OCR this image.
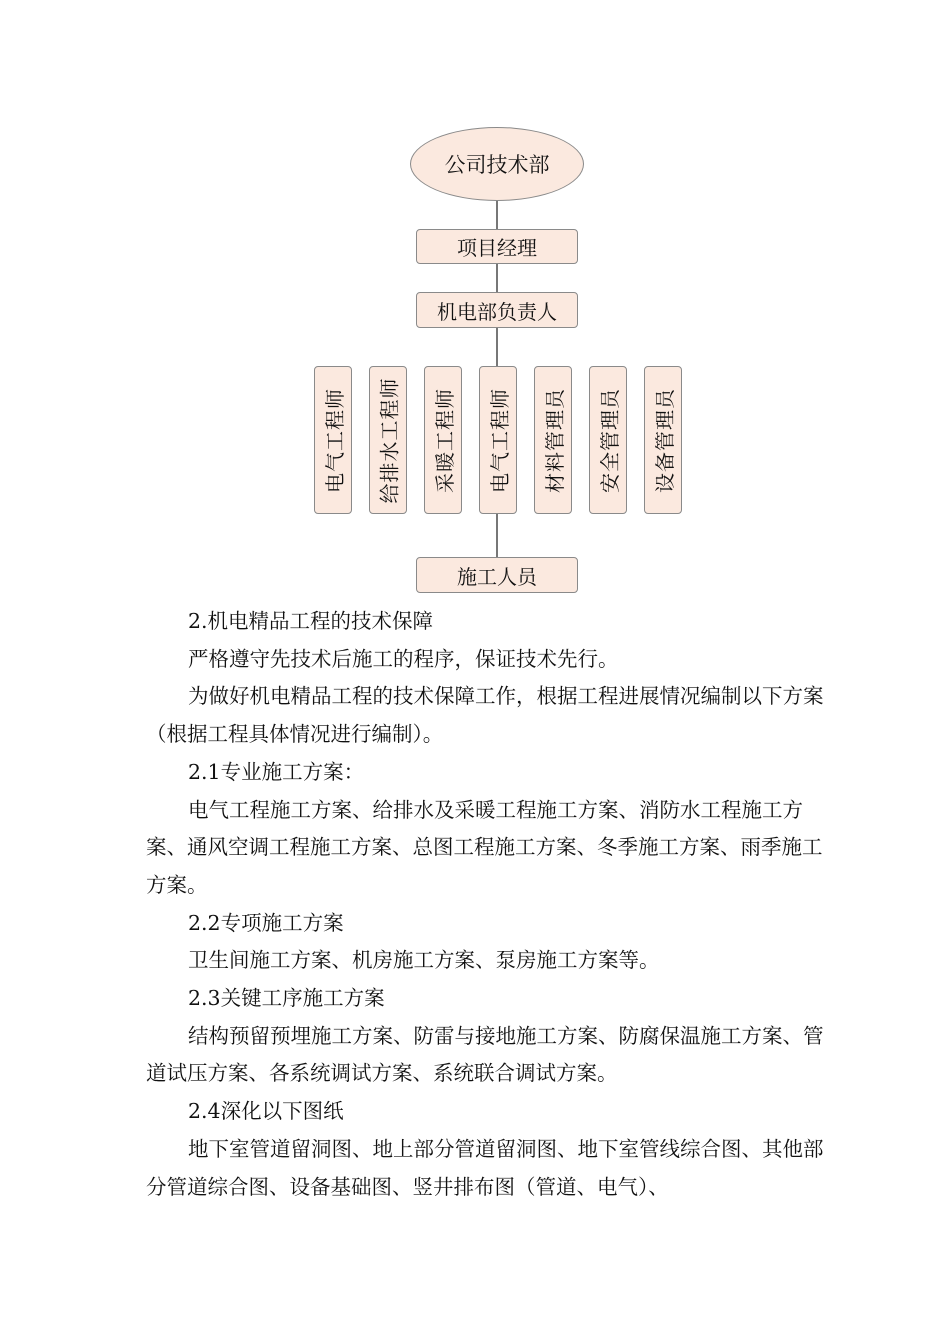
公司技术部
项目经理
机电部负责人
电气工程师 给排水工程师 采暖工程师 电气工程师 材料管理员 安全管理员 设备管理员
施工人员

2.机电精品工程的技术保障

严格遵守先技术后施工的程序，保证技术先行。

为做好机电精品工程的技术保障工作，根据工程进展情况编制以下方案（根据工程具体情况进行编制）。

2.1专业施工方案：

电气工程施工方案、给排水及采暖工程施工方案、消防水工程施工方案、通风空调工程施工方案、总图工程施工方案、冬季施工方案、雨季施工方案。

2.2专项施工方案

卫生间施工方案、机房施工方案、泵房施工方案等。

2.3关键工序施工方案

结构预留预埋施工方案、防雷与接地施工方案、防腐保温施工方案、管道试压方案、各系统调试方案、系统联合调试方案。

2.4深化以下图纸

地下室管道留洞图、地上部分管道留洞图、地下室管线综合图、其他部分管道综合图、设备基础图、竖井排布图（管道、电气）、
